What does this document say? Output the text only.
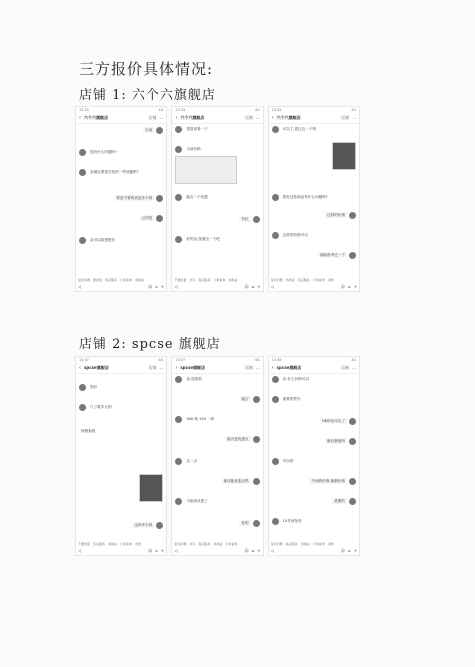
三方报价具体情况:
店铺 1: 六个六旗舰店
13:34	4G
‹ 六个六旗舰店	店铺 ···
目前
您有什么问题吗~
亲最近要是手机的一些问题吗?
要是不要的话是多少钱
已回复
亲可以给您报价
常见问题 要质量 售后服务 订单查询 退换货
◁	☺ ⌂ +
13:34	4G
‹ 六个六旗舰店	店铺 ···
帮您查看一下
当前价格
能否一个优惠
价位
好的亲,按照这一下吧
不要质量 好评 售后服务 订单查询 退换货
◁	☺ ⌂ +
13:35	4G
‹ 六个六旗舰店	店铺 ···
可以了,您这边一下吧
您好这款商品有什么问题吗?
这样的价格
这样的价格可以
那我再考虑一下
常见问题 退换货 售后服务 订单查询 退款
◁	☺ ⌂ +
店铺 2: spcse 旗舰店
13:37	4G
‹ spcse旗舰店	店铺 ···
您好
尺寸要多大的
规格参数
这种多少钱
不要质量 售后服务 退换货 订单查询 退款
◁	☺ ⌂ +
13:37	4G
‹ spcse旗舰店	店铺 ···
亲,您看看
能否
300 吨 150 一套
能否更优惠点
这一点
那还能优惠点吗
不能再优惠了
好的
常见问题 好评 售后服务 退换货 订单查询
◁	☺ ⌂ +
13:38	4G
‹ spcse旗舰店	店铺 ···
亲,什么价格可以
需要的型号
OK的话可以了
最后最低吗
可以的
中间的价格,最新价格
需要的
10号前发货
常见问题 售后服务 退换货 订单查询 退款
◁	☺ ⌂ +
